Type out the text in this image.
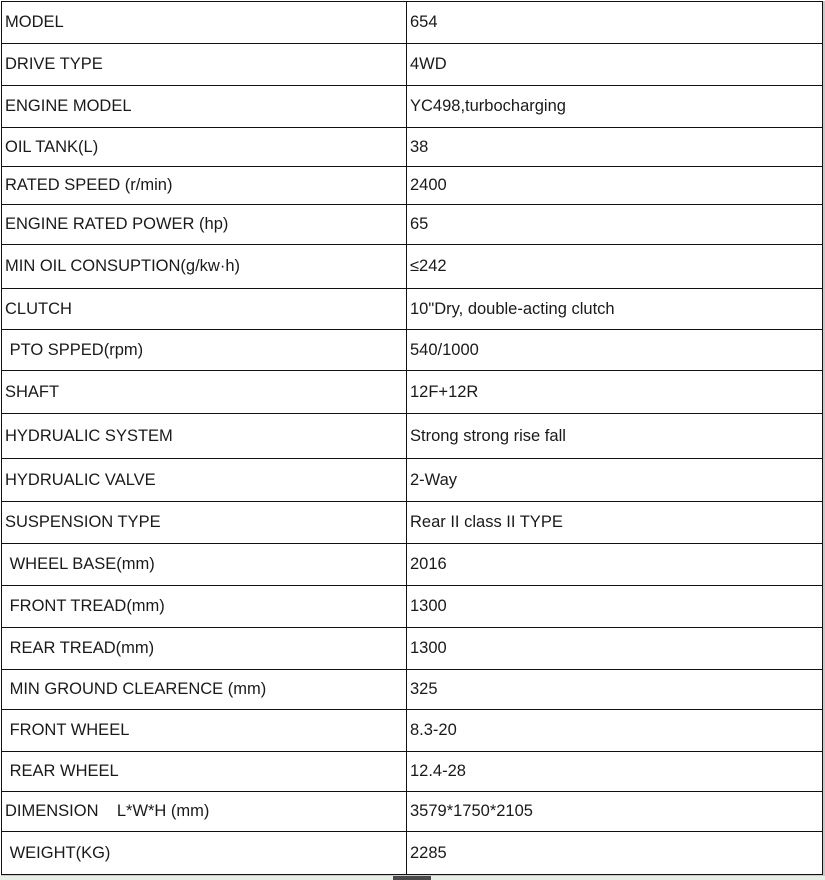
MODEL	654
DRIVE TYPE	4WD
ENGINE MODEL	YC498,turbocharging
OIL TANK(L)	38
RATED SPEED (r/min)	2400
ENGINE RATED POWER (hp)	65
MIN OIL CONSUPTION(g/kw·h)	≤242
CLUTCH	10"Dry, double-acting clutch
PTO SPPED(rpm)	540/1000
SHAFT	12F+12R
HYDRUALIC SYSTEM	Strong strong rise fall
HYDRUALIC VALVE	2-Way
SUSPENSION TYPE	Rear II class II TYPE
WHEEL BASE(mm)	2016
FRONT TREAD(mm)	1300
REAR TREAD(mm)	1300
MIN GROUND CLEARENCE (mm)	325
FRONT WHEEL	8.3-20
REAR WHEEL	12.4-28
DIMENSION    L*W*H (mm)	3579*1750*2105
WEIGHT(KG)	2285
